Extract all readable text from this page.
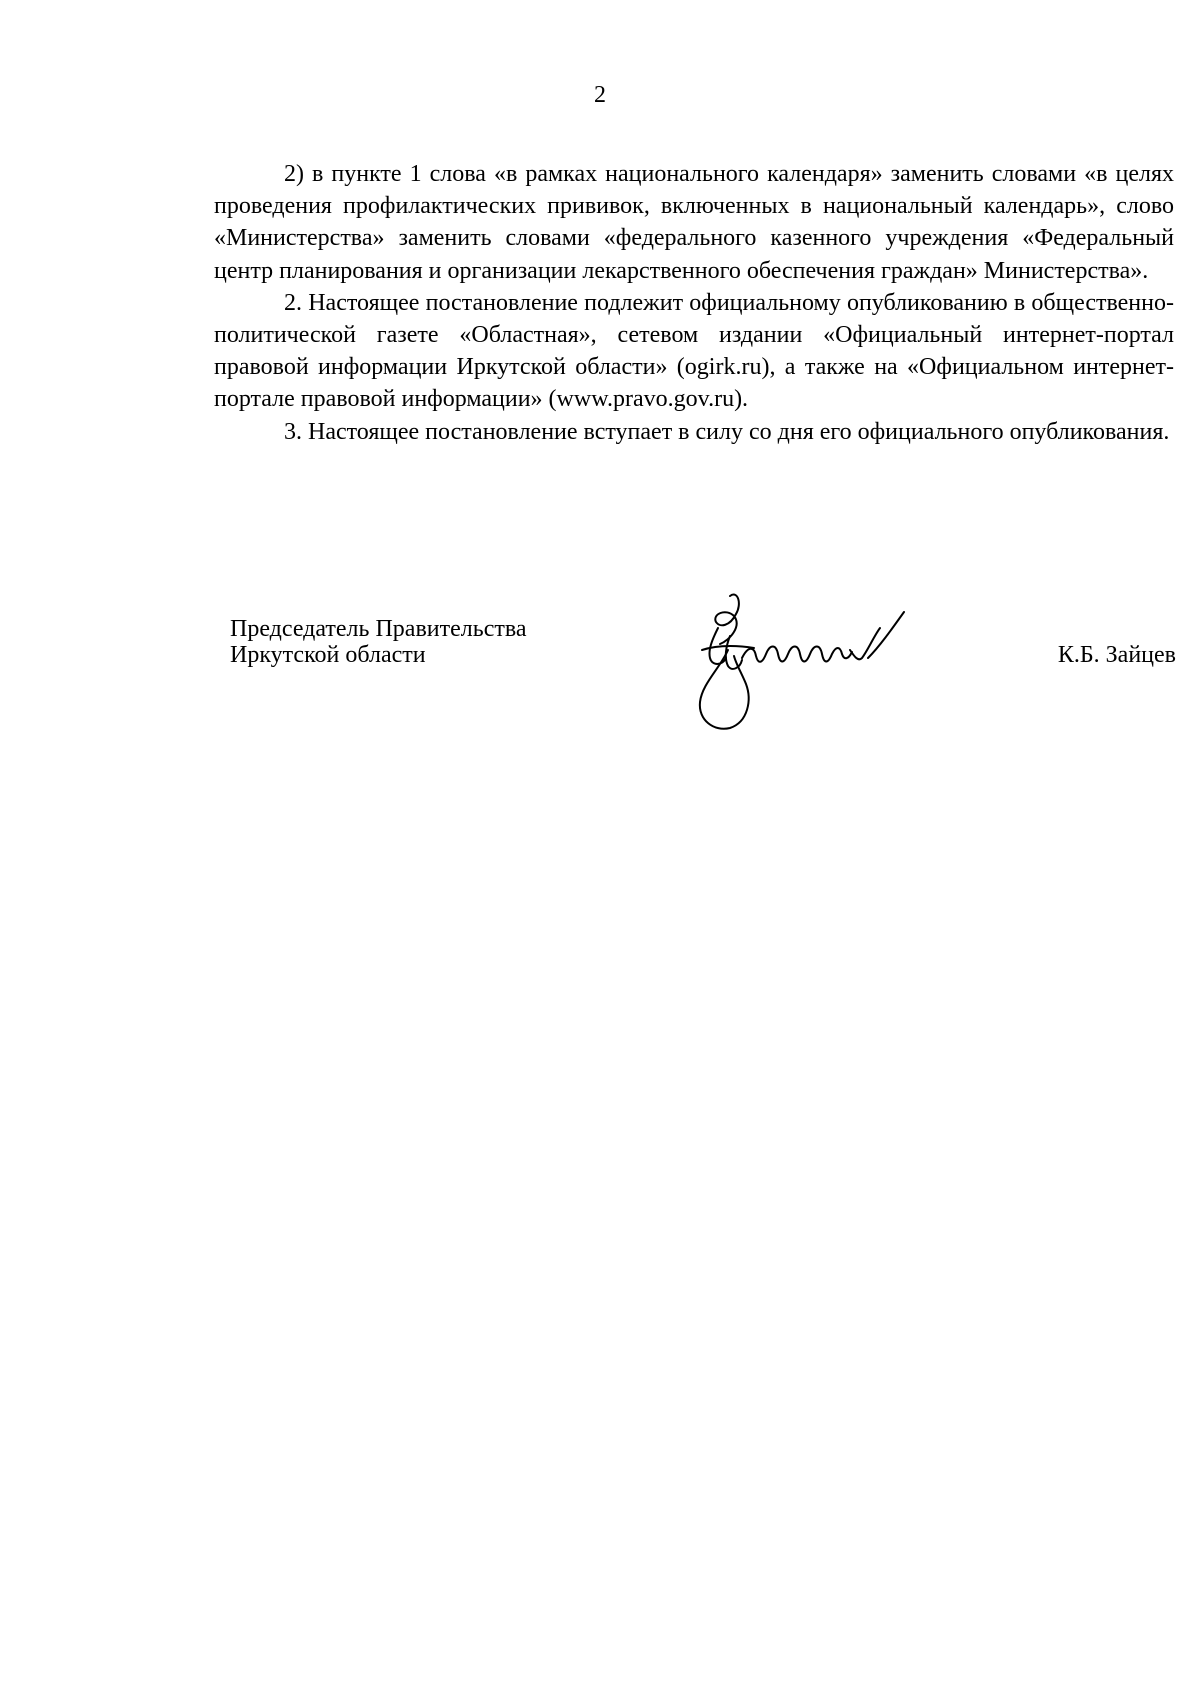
2

2) в пункте 1 слова «в рамках национального календаря» заменить словами «в целях проведения профилактических прививок, включенных в национальный календарь», слово «Министерства» заменить словами «федерального казенного учреждения «Федеральный центр планирования и организации лекарственного обеспечения граждан» Министерства».

2. Настоящее постановление подлежит официальному опубликованию в общественно-политической газете «Областная», сетевом издании «Официальный интернет-портал правовой информации Иркутской области» (ogirk.ru), а также на «Официальном интернет-портале правовой информации» (www.pravo.gov.ru).

3. Настоящее постановление вступает в силу со дня его официального опубликования.

Председатель Правительства
Иркутской области	К.Б. Зайцев
